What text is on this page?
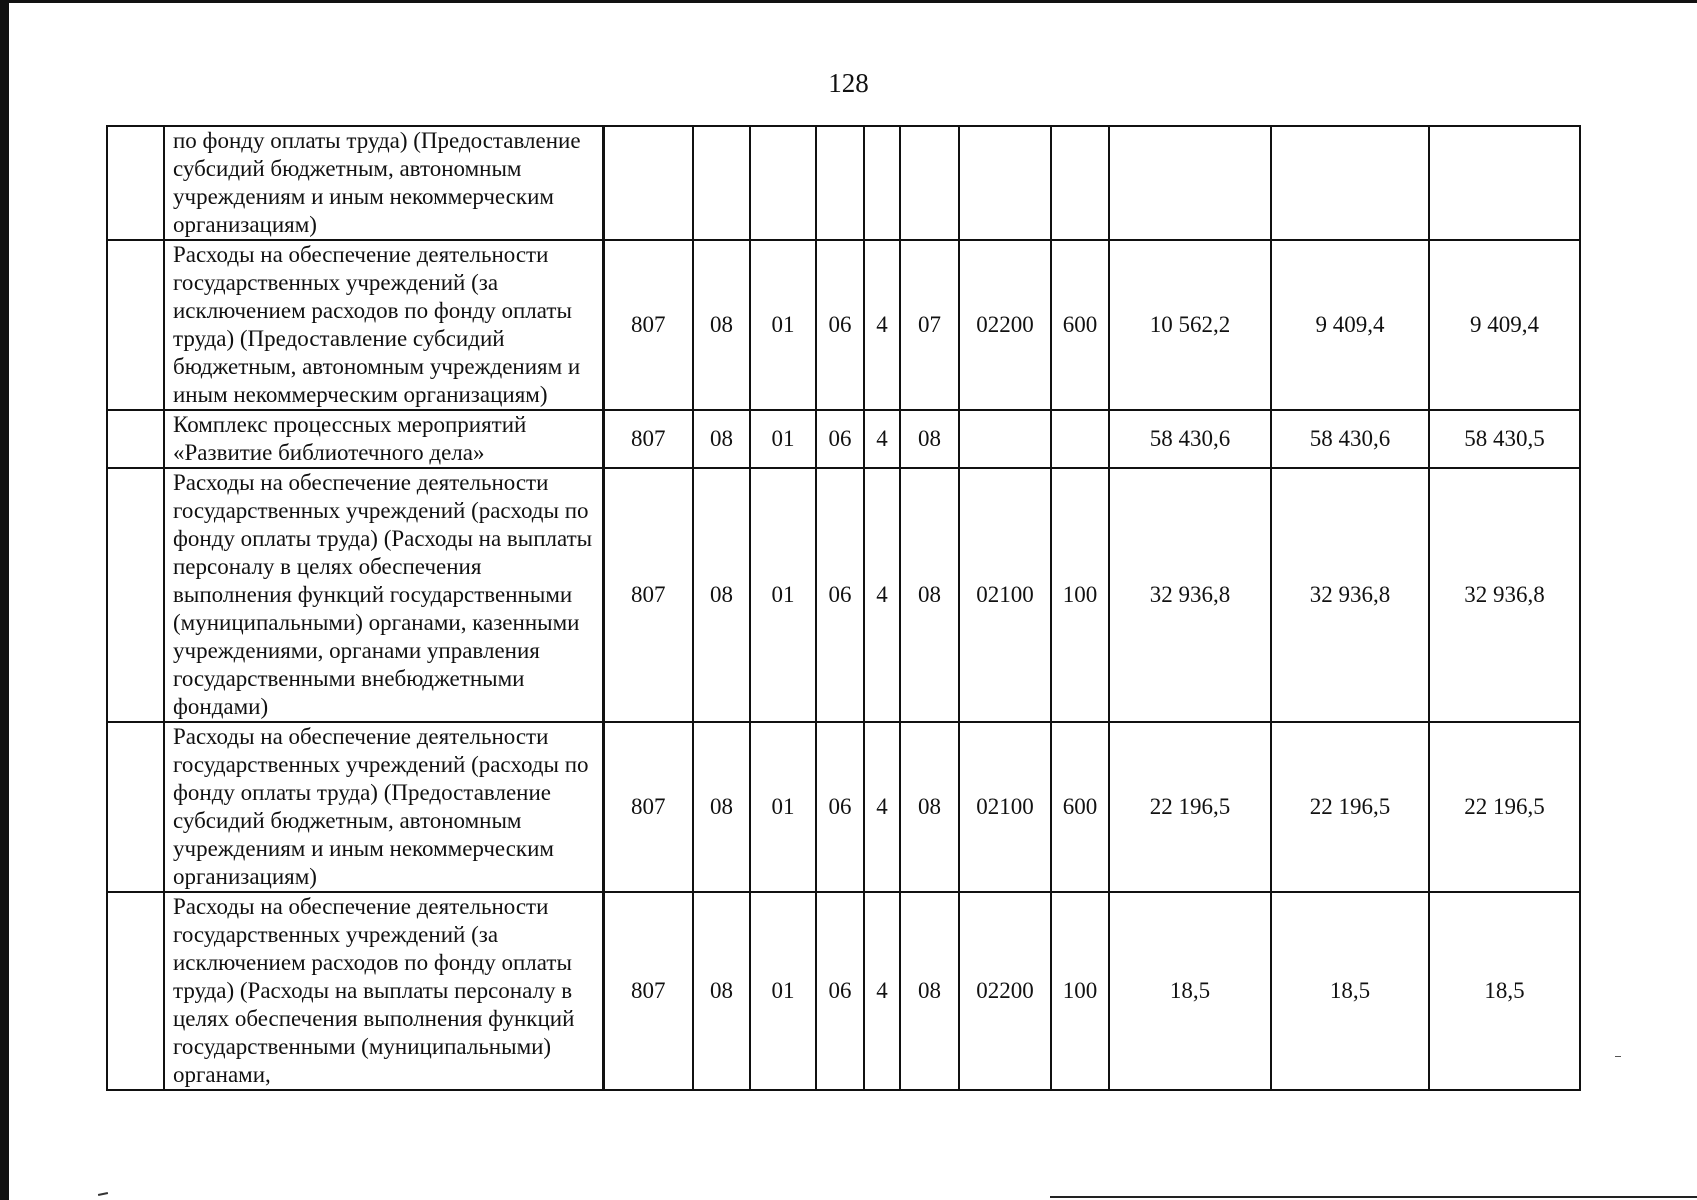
128
	по фонду оплаты труда) (Предоставление субсидий бюджетным, автономным учреждениям и иным некоммерческим организациям)											
	Расходы на обеспечение деятельности государственных учреждений (за исключением расходов по фонду оплаты труда) (Предоставление субсидий бюджетным, автономным учреждениям и иным некоммерческим организациям)	807	08	01	06	4	07	02200	600	10 562,2	9 409,4	9 409,4
	Комплекс процессных мероприятий «Развитие библиотечного дела»	807	08	01	06	4	08			58 430,6	58 430,6	58 430,5
	Расходы на обеспечение деятельности государственных учреждений (расходы по фонду оплаты труда) (Расходы на выплаты персоналу в целях обеспечения выполнения функций государственными (муниципальными) органами, казенными учреждениями, органами управления государственными внебюджетными фондами)	807	08	01	06	4	08	02100	100	32 936,8	32 936,8	32 936,8
	Расходы на обеспечение деятельности государственных учреждений (расходы по фонду оплаты труда) (Предоставление субсидий бюджетным, автономным учреждениям и иным некоммерческим организациям)	807	08	01	06	4	08	02100	600	22 196,5	22 196,5	22 196,5
	Расходы на обеспечение деятельности государственных учреждений (за исключением расходов по фонду оплаты труда) (Расходы на выплаты персоналу в целях обеспечения выполнения функций государственными (муниципальными) органами,	807	08	01	06	4	08	02200	100	18,5	18,5	18,5
